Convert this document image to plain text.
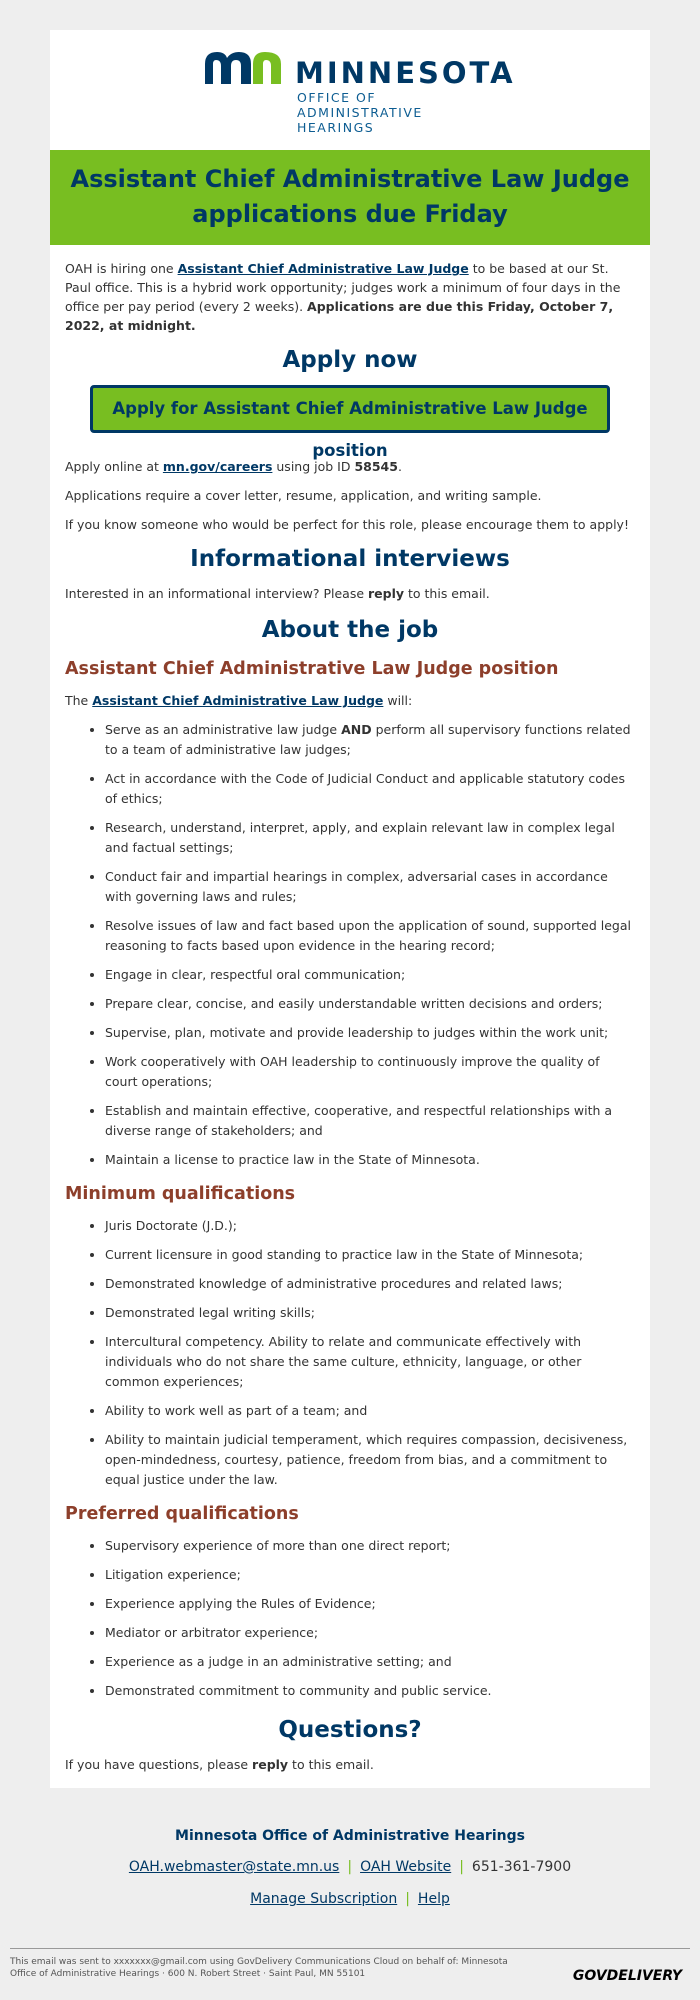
MINNESOTA
OFFICE OF
ADMINISTRATIVE
HEARINGS
Assistant Chief Administrative Law Judge applications due Friday

OAH is hiring one Assistant Chief Administrative Law Judge to be based at our St. Paul office. This is a hybrid work opportunity; judges work a minimum of four days in the office per pay period (every 2 weeks). Applications are due this Friday, October 7, 2022, at midnight.

Apply now
Apply for Assistant Chief Administrative Law Judge position

Apply online at mn.gov/careers using job ID 58545.

Applications require a cover letter, resume, application, and writing sample.

If you know someone who would be perfect for this role, please encourage them to apply!

Informational interviews

Interested in an informational interview? Please reply to this email.

About the job
Assistant Chief Administrative Law Judge position

The Assistant Chief Administrative Law Judge will:

• Serve as an administrative law judge AND perform all supervisory functions related to a team of administrative law judges;
• Act in accordance with the Code of Judicial Conduct and applicable statutory codes of ethics;
• Research, understand, interpret, apply, and explain relevant law in complex legal and factual settings;
• Conduct fair and impartial hearings in complex, adversarial cases in accordance with governing laws and rules;
• Resolve issues of law and fact based upon the application of sound, supported legal reasoning to facts based upon evidence in the hearing record;
• Engage in clear, respectful oral communication;
• Prepare clear, concise, and easily understandable written decisions and orders;
• Supervise, plan, motivate and provide leadership to judges within the work unit;
• Work cooperatively with OAH leadership to continuously improve the quality of court operations;
• Establish and maintain effective, cooperative, and respectful relationships with a diverse range of stakeholders; and
• Maintain a license to practice law in the State of Minnesota.
Minimum qualifications
• Juris Doctorate (J.D.);
• Current licensure in good standing to practice law in the State of Minnesota;
• Demonstrated knowledge of administrative procedures and related laws;
• Demonstrated legal writing skills;
• Intercultural competency. Ability to relate and communicate effectively with individuals who do not share the same culture, ethnicity, language, or other common experiences;
• Ability to work well as part of a team; and
• Ability to maintain judicial temperament, which requires compassion, decisiveness, open-mindedness, courtesy, patience, freedom from bias, and a commitment to equal justice under the law.
Preferred qualifications
• Supervisory experience of more than one direct report;
• Litigation experience;
• Experience applying the Rules of Evidence;
• Mediator or arbitrator experience;
• Experience as a judge in an administrative setting; and
• Demonstrated commitment to community and public service.
Questions?

If you have questions, please reply to this email.

Minnesota Office of Administrative Hearings
OAH.webmaster@state.mn.us | OAH Website | 651-361-7900
Manage Subscription | Help
This email was sent to xxxxxxx@gmail.com using GovDelivery Communications Cloud on behalf of: Minnesota Office of Administrative Hearings · 600 N. Robert Street · Saint Paul, MN 55101	GOVDELIVERY
